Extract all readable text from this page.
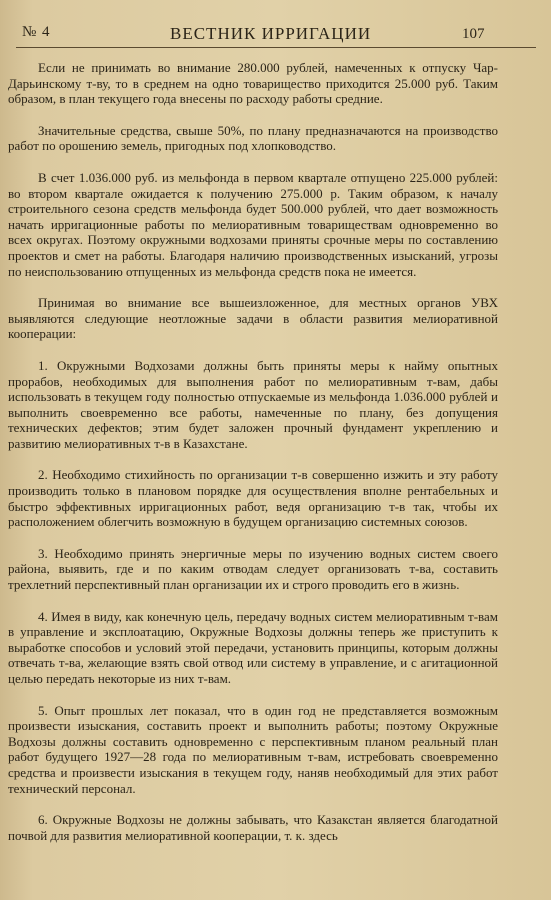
№ 4	ВЕСТНИК ИРРИГАЦИИ	107

Если не принимать во внимание 280.000 рублей, намеченных к отпуску Чар-Дарьинскому т-ву, то в среднем на одно товарищество приходится 25.000 руб. Таким образом, в план текущего года внесены по расходу работы средние.

Значительные средства, свыше 50%, по плану предназначаются на производство работ по орошению земель, пригодных под хлопководство.

В счет 1.036.000 руб. из мельфонда в первом квартале отпущено 225.000 рублей: во втором квартале ожидается к получению 275.000 р. Таким образом, к началу строительного сезона средств мельфонда будет 500.000 рублей, что дает возможность начать ирригационные работы по мелиоративным товариществам одновременно во всех округах. Поэтому окружными водхозами приняты срочные меры по составлению проектов и смет на работы. Благодаря наличию производственных изысканий, угрозы по неиспользованию отпущенных из мельфонда средств пока не имеется.

Принимая во внимание все вышеизложенное, для местных органов УВХ выявляются следующие неотложные задачи в области развития мелиоративной кооперации:

1. Окружными Водхозами должны быть приняты меры к найму опытных прорабов, необходимых для выполнения работ по мелиоративным т-вам, дабы использовать в текущем году полностью отпускаемые из мельфонда 1.036.000 рублей и выполнить своевременно все работы, намеченные по плану, без допущения технических дефектов; этим будет заложен прочный фундамент укреплению и развитию мелиоративных т-в в Казахстане.

2. Необходимо стихийность по организации т-в совершенно изжить и эту работу производить только в плановом порядке для осуществления вполне рентабельных и быстро эффективных ирригационных работ, ведя организацию т-в так, чтобы их расположением облегчить возможную в будущем организацию системных союзов.

3. Необходимо принять энергичные меры по изучению водных систем своего района, выявить, где и по каким отводам следует организовать т-ва, составить трехлетний перспективный план организации их и строго проводить его в жизнь.

4. Имея в виду, как конечную цель, передачу водных систем мелиоративным т-вам в управление и эксплоатацию, Окружные Водхозы должны теперь же приступить к выработке способов и условий этой передачи, установить принципы, которым должны отвечать т-ва, желающие взять свой отвод или систему в управление, и с агитационной целью передать некоторые из них т-вам.

5. Опыт прошлых лет показал, что в один год не представляется возможным произвести изыскания, составить проект и выполнить работы; поэтому Окружные Водхозы должны составить одновременно с перспективным планом реальный план работ будущего 1927—28 года по мелиоративным т-вам, истребовать своевременно средства и произвести изыскания в текущем году, наняв необходимый для этих работ технический персонал.

6. Окружные Водхозы не должны забывать, что Казакстан является благодатной почвой для развития мелиоративной кооперации, т. к. здесь
